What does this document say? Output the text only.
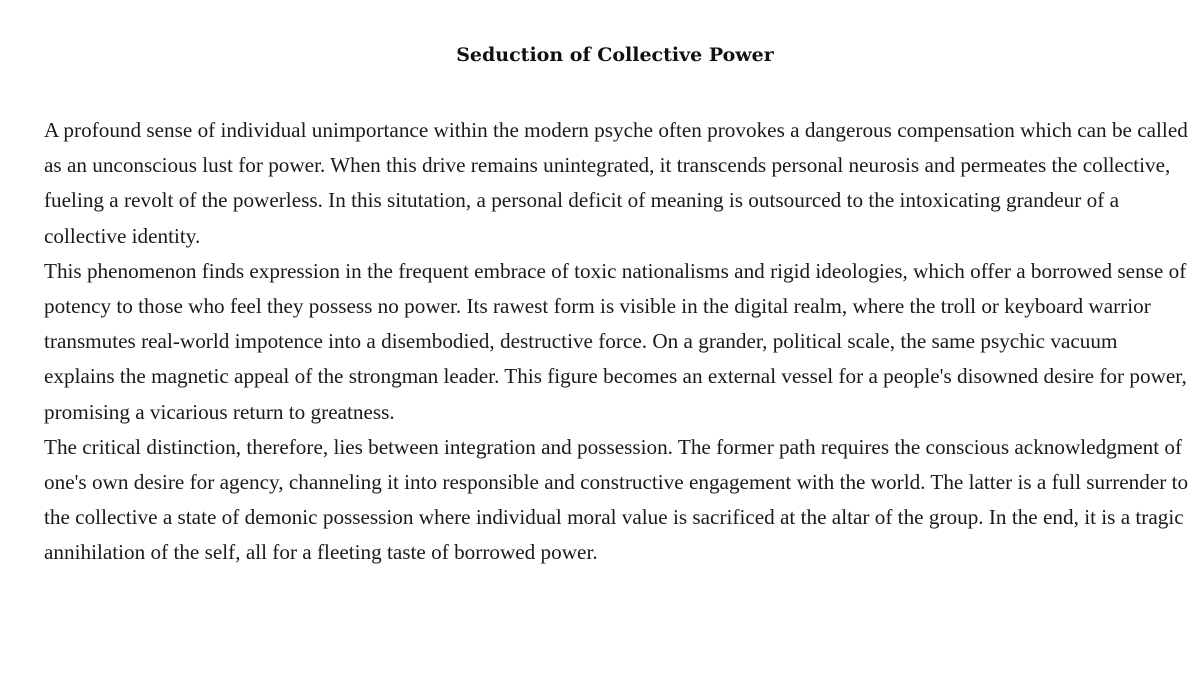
Seduction of Collective Power

A profound sense of individual unimportance within the modern psyche often provokes a dangerous compensation which can be called as an unconscious lust for power. When this drive remains unintegrated, it transcends personal neurosis and permeates the collective, fueling a revolt of the powerless. In this situtation, a personal deficit of meaning is outsourced to the intoxicating grandeur of a collective identity.

This phenomenon finds expression in the frequent embrace of toxic nationalisms and rigid ideologies, which offer a borrowed sense of potency to those who feel they possess no power. Its rawest form is visible in the digital realm, where the troll or keyboard warrior transmutes real-world impotence into a disembodied, destructive force. On a grander, political scale, the same psychic vacuum explains the magnetic appeal of the strongman leader. This figure becomes an external vessel for a people's disowned desire for power, promising a vicarious return to greatness.

The critical distinction, therefore, lies between integration and possession. The former path requires the conscious acknowledgment of one's own desire for agency, channeling it into responsible and constructive engagement with the world. The latter is a full surrender to the collective a state of demonic possession where individual moral value is sacrificed at the altar of the group. In the end, it is a tragic annihilation of the self, all for a fleeting taste of borrowed power.
